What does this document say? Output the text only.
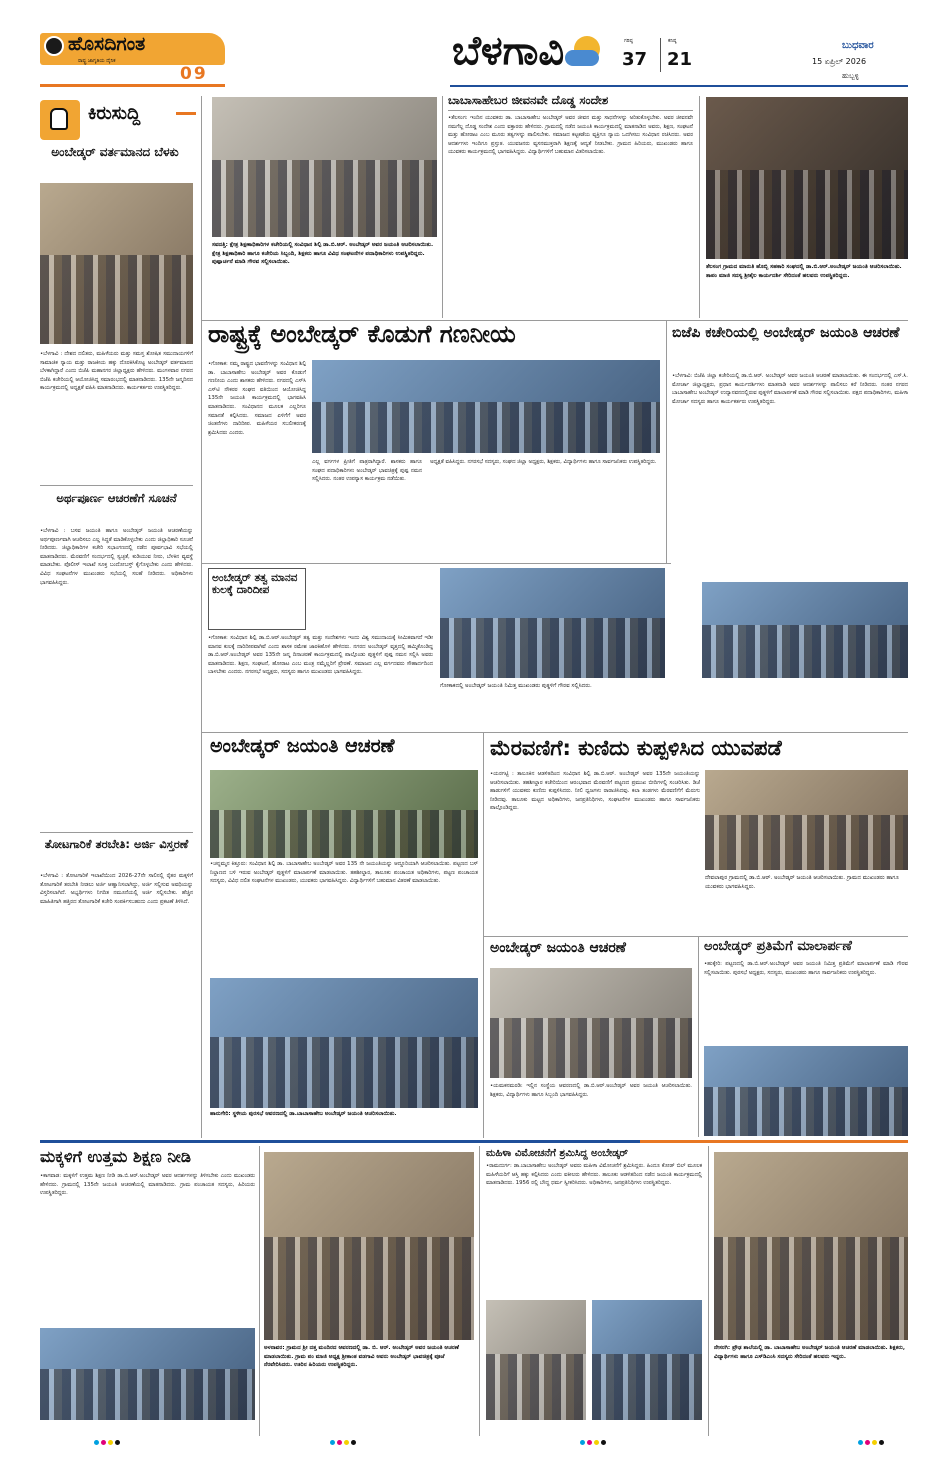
ಹೊಸದಿಗಂತ
ರಾಷ್ಟ್ರ ಜಾಗೃತಿಯ ದೈನಿಕ
09	ಬೆಳಗಾವಿ	ಗರಿಷ್ಠ
37
ಕನಿಷ್ಠ
21
ಬುಧವಾರ
15 ಏಪ್ರಿಲ್ 2026
ಹುಬ್ಬಳ್ಳಿ
ಕಿರುಸುದ್ದಿ
ಅಂಬೇಡ್ಕರ್ ವರ್ತಮಾನದ ಬೆಳಕು
•ಬೆಳಗಾವಿ : ದೇಶದ ದಲಿತರು, ಮಹಿಳೆಯರು ಮತ್ತು ಸಮಸ್ತ ಶೋಷಿತ ಸಮುದಾಯಗಳಿಗೆ ಸಾಮಾಜಿಕ ನ್ಯಾಯ ಮತ್ತು ರಾಜಕೀಯ ಹಕ್ಕು ದೊರಕಿಸಿಕೊಟ್ಟ ಅಂಬೇಡ್ಕರ್ ವರ್ತಮಾನದ ಬೆಳಕಾಗಿದ್ದಾರೆ ಎಂದು ಬಿಜೆಪಿ ಮಹಾನಗರ ಜಿಲ್ಲಾಧ್ಯಕ್ಷರು ಹೇಳಿದರು. ಮಂಗಳವಾರ ನಗರದ ಬಿಜೆಪಿ ಕಚೇರಿಯಲ್ಲಿ ಆಯೋಜಿಸಿದ್ದ ಸಮಾರಂಭದಲ್ಲಿ ಮಾತನಾಡಿದರು. 135ನೇ ಜನ್ಮದಿನದ ಕಾರ್ಯಕ್ರಮದಲ್ಲಿ ಅಧ್ಯಕ್ಷತೆ ವಹಿಸಿ ಮಾತನಾಡಿದರು. ಕಾರ್ಯಕರ್ತರು ಉಪಸ್ಥಿತರಿದ್ದರು.
ಅರ್ಥಪೂರ್ಣ ಆಚರಣೆಗೆ ಸೂಚನೆ
•ಬೆಳಗಾವಿ : ಬಸವ ಜಯಂತಿ ಹಾಗೂ ಅಂಬೇಡ್ಕರ್ ಜಯಂತಿ ಆಚರಣೆಯನ್ನು ಅರ್ಥಪೂರ್ಣವಾಗಿ ಆಚರಿಸಲು ಎಲ್ಲ ಸಿದ್ಧತೆ ಮಾಡಿಕೊಳ್ಳಬೇಕು ಎಂದು ಜಿಲ್ಲಾಧಿಕಾರಿ ಸೂಚನೆ ನೀಡಿದರು. ಜಿಲ್ಲಾಧಿಕಾರಿಗಳ ಕಚೇರಿ ಸಭಾಂಗಣದಲ್ಲಿ ನಡೆದ ಪೂರ್ವಭಾವಿ ಸಭೆಯಲ್ಲಿ ಮಾತನಾಡಿದರು. ಮೆರವಣಿಗೆ ಸಂದರ್ಭದಲ್ಲಿ ಸ್ವಚ್ಛತೆ, ಕುಡಿಯುವ ನೀರು, ಬೆಳಕಿನ ವ್ಯವಸ್ಥೆ ಮಾಡಬೇಕು. ಪೊಲೀಸ್ ಇಲಾಖೆ ಸೂಕ್ತ ಬಂದೋಬಸ್ತ್ ಕೈಗೊಳ್ಳಬೇಕು ಎಂದು ಹೇಳಿದರು. ವಿವಿಧ ಸಂಘಟನೆಗಳ ಮುಖಂಡರು ಸಭೆಯಲ್ಲಿ ಸಲಹೆ ನೀಡಿದರು. ಅಧಿಕಾರಿಗಳು ಭಾಗವಹಿಸಿದ್ದರು.
ತೋಟಗಾರಿಕೆ ತರಬೇತಿ: ಅರ್ಜಿ ವಿಸ್ತರಣೆ
•ಬೆಳಗಾವಿ : ತೋಟಗಾರಿಕೆ ಇಲಾಖೆಯಿಂದ 2026-27ನೇ ಸಾಲಿನಲ್ಲಿ ರೈತರ ಮಕ್ಕಳಿಗೆ ತೋಟಗಾರಿಕೆ ತರಬೇತಿ ನೀಡಲು ಅರ್ಜಿ ಆಹ್ವಾನಿಸಲಾಗಿದ್ದು, ಅರ್ಜಿ ಸಲ್ಲಿಸುವ ಅವಧಿಯನ್ನು ವಿಸ್ತರಿಸಲಾಗಿದೆ. ಅಭ್ಯರ್ಥಿಗಳು ನಿಗದಿತ ನಮೂನೆಯಲ್ಲಿ ಅರ್ಜಿ ಸಲ್ಲಿಸಬೇಕು. ಹೆಚ್ಚಿನ ಮಾಹಿತಿಗಾಗಿ ಹತ್ತಿರದ ತೋಟಗಾರಿಕೆ ಕಚೇರಿ ಸಂಪರ್ಕಿಸಬಹುದು ಎಂದು ಪ್ರಕಟಣೆ ತಿಳಿಸಿದೆ.
ಸವದತ್ತಿ: ಕ್ಷೇತ್ರ ಶಿಕ್ಷಣಾಧಿಕಾರಿಗಳ ಕಚೇರಿಯಲ್ಲಿ ಸಂವಿಧಾನ ಶಿಲ್ಪಿ ಡಾ.ಬಿ.ಆರ್. ಅಂಬೇಡ್ಕರ್ ಅವರ ಜಯಂತಿ ಆಚರಿಸಲಾಯಿತು. ಕ್ಷೇತ್ರ ಶಿಕ್ಷಣಾಧಿಕಾರಿ ಹಾಗೂ ಕಚೇರಿಯ ಸಿಬ್ಬಂದಿ, ಶಿಕ್ಷಕರು ಹಾಗೂ ವಿವಿಧ ಸಂಘಟನೆಗಳ ಪದಾಧಿಕಾರಿಗಳು ಉಪಸ್ಥಿತರಿದ್ದರು. ಪುಷ್ಪಾರ್ಚನೆ ಮಾಡಿ ಗೌರವ ಸಲ್ಲಿಸಲಾಯಿತು.
ಬಾಬಾಸಾಹೇಬರ ಜೀವನವೇ ದೊಡ್ಡ ಸಂದೇಶ
•ತೆಲಸಂಗ: ಇಂದಿನ ಯುವಕರು ಡಾ. ಬಾಬಾಸಾಹೇಬ ಅಂಬೇಡ್ಕರ್ ಅವರ ಜೀವನ ಮತ್ತು ಸಾಧನೆಗಳನ್ನು ಅರಿತುಕೊಳ್ಳಬೇಕು. ಅವರ ಜೀವನವೇ ನಮಗೆಲ್ಲ ದೊಡ್ಡ ಸಂದೇಶ ಎಂದು ವಕ್ತಾರರು ಹೇಳಿದರು. ಗ್ರಾಮದಲ್ಲಿ ನಡೆದ ಜಯಂತಿ ಕಾರ್ಯಕ್ರಮದಲ್ಲಿ ಮಾತನಾಡಿದ ಅವರು, ಶಿಕ್ಷಣ, ಸಂಘಟನೆ ಮತ್ತು ಹೋರಾಟ ಎಂಬ ಮೂರು ತತ್ವಗಳನ್ನು ಪಾಲಿಸಬೇಕು. ಸಮಾಜದ ಕಟ್ಟಕಡೆಯ ವ್ಯಕ್ತಿಗೂ ನ್ಯಾಯ ಒದಗಿಸಲು ಸಂವಿಧಾನ ರಚಿಸಿದರು. ಅವರ ಆದರ್ಶಗಳು ಇಂದಿಗೂ ಪ್ರಸ್ತುತ. ಯುವಜನರು ವ್ಯಸನಮುಕ್ತರಾಗಿ ಶಿಕ್ಷಣಕ್ಕೆ ಆದ್ಯತೆ ನೀಡಬೇಕು. ಗ್ರಾಮದ ಹಿರಿಯರು, ಮುಖಂಡರು ಹಾಗೂ ಯುವಕರು ಕಾರ್ಯಕ್ರಮದಲ್ಲಿ ಭಾಗವಹಿಸಿದ್ದರು. ವಿದ್ಯಾರ್ಥಿಗಳಿಗೆ ಬಹುಮಾನ ವಿತರಿಸಲಾಯಿತು.
ತೆಲಸಂಗ ಗ್ರಾಮದ ಮಾರುತಿ ಹೊಬ್ಬಿ ಸಹಕಾರಿ ಸಂಘದಲ್ಲಿ ಡಾ.ಬಿ.ಆರ್.ಅಂಬೇಡ್ಕರ್ ಜಯಂತಿ ಆಚರಿಸಲಾಯಿತು. ತಾಪಂ ಮಾಜಿ ಸದಸ್ಯ ಶ್ರೀಶೈಲ ಕಾರ್ಯದರ್ಶಿ ಸೇರಿದಂತೆ ಹಲವರು ಉಪಸ್ಥಿತರಿದ್ದರು.
ರಾಷ್ಟ್ರಕ್ಕೆ ಅಂಬೇಡ್ಕರ್ ಕೊಡುಗೆ ಗಣನೀಯ
•ಗೋಕಾಕ: ನಮ್ಮ ರಾಷ್ಟ್ರದ ಭಾವನೆಗಳನ್ನು ಸಂವಿಧಾನ ಶಿಲ್ಪಿ ಡಾ. ಬಾಬಾಸಾಹೇಬ ಅಂಬೇಡ್ಕರ್ ಅವರ ಕೊಡುಗೆ ಗಣನೀಯ ಎಂದು ಶಾಸಕರು ಹೇಳಿದರು. ನಗರದಲ್ಲಿ ಎಸ್‌ಸಿ ಎಸ್‌ಟಿ ನೌಕರರ ಸಂಘದ ವತಿಯಿಂದ ಆಯೋಜಿಸಿದ್ದ 135ನೇ ಜಯಂತಿ ಕಾರ್ಯಕ್ರಮದಲ್ಲಿ ಭಾಗವಹಿಸಿ ಮಾತನಾಡಿದರು. ಸಂವಿಧಾನದ ಮೂಲಕ ಎಲ್ಲರಿಗೂ ಸಮಾನತೆ ಕಲ್ಪಿಸಿದರು. ಸಮಾಜದ ಏಳಿಗೆಗೆ ಅವರ ಚಿಂತನೆಗಳು ದಾರಿದೀಪ. ಮಹಿಳೆಯರ ಸಬಲೀಕರಣಕ್ಕೆ ಶ್ರಮಿಸಿದರು ಎಂದರು.
ಎಲ್ಲ ವರ್ಗಗಳ ಪ್ರೀತಿಗೆ ಪಾತ್ರರಾಗಿದ್ದಾರೆ. ಶಾಸಕರು ಹಾಗೂ ಸಂಘದ ಪದಾಧಿಕಾರಿಗಳು ಅಂಬೇಡ್ಕರ್ ಭಾವಚಿತ್ರಕ್ಕೆ ಪುಷ್ಪ ನಮನ ಸಲ್ಲಿಸಿದರು. ನಂತರ ಉಪನ್ಯಾಸ ಕಾರ್ಯಕ್ರಮ ನಡೆಯಿತು.
ಅಧ್ಯಕ್ಷತೆ ವಹಿಸಿದ್ದರು. ನಗರಸಭೆ ಸದಸ್ಯರು, ಸಂಘದ ಜಿಲ್ಲಾ ಅಧ್ಯಕ್ಷರು, ಶಿಕ್ಷಕರು, ವಿದ್ಯಾರ್ಥಿಗಳು ಹಾಗೂ ಸಾರ್ವಜನಿಕರು ಉಪಸ್ಥಿತರಿದ್ದರು.
ಬಿಜೆಪಿ ಕಚೇರಿಯಲ್ಲಿ ಅಂಬೇಡ್ಕರ್ ಜಯಂತಿ ಆಚರಣೆ
•ಬೆಳಗಾವಿ: ಬಿಜೆಪಿ ಜಿಲ್ಲಾ ಕಚೇರಿಯಲ್ಲಿ ಡಾ.ಬಿ.ಆರ್. ಅಂಬೇಡ್ಕರ್ ಅವರ ಜಯಂತಿ ಆಚರಣೆ ಮಾಡಲಾಯಿತು. ಈ ಸಂದರ್ಭದಲ್ಲಿ ಎಸ್.ಸಿ. ಮೋರ್ಚಾ ಜಿಲ್ಲಾಧ್ಯಕ್ಷರು, ಪ್ರಧಾನ ಕಾರ್ಯದರ್ಶಿಗಳು ಮಾತನಾಡಿ ಅವರ ಆದರ್ಶಗಳನ್ನು ಪಾಲಿಸಲು ಕರೆ ನೀಡಿದರು. ನಂತರ ನಗರದ ಬಾಬಾಸಾಹೇಬ ಅಂಬೇಡ್ಕರ್ ಉದ್ಯಾನವನದಲ್ಲಿರುವ ಪುತ್ಥಳಿಗೆ ಮಾಲಾರ್ಪಣೆ ಮಾಡಿ ಗೌರವ ಸಲ್ಲಿಸಲಾಯಿತು. ಪಕ್ಷದ ಪದಾಧಿಕಾರಿಗಳು, ಮಹಿಳಾ ಮೋರ್ಚಾ ಸದಸ್ಯರು ಹಾಗೂ ಕಾರ್ಯಕರ್ತರು ಉಪಸ್ಥಿತರಿದ್ದರು.
ಅಂಬೇಡ್ಕರ್ ತತ್ವ ಮಾನವ ಕುಲಕ್ಕೆ ದಾರಿದೀಪ
•ಗೋಕಾಕ: ಸಂವಿಧಾನ ಶಿಲ್ಪಿ ಡಾ.ಬಿ.ಆರ್.ಅಂಬೇಡ್ಕರ್ ತತ್ವ ಮತ್ತು ಸಂದೇಶಗಳು ಇಂದು ವಿಶ್ವ ಸಮುದಾಯಕ್ಕೆ ಸೀಮಿತವಾಗದೆ ಇಡೀ ಮಾನವ ಕುಲಕ್ಕೆ ದಾರಿದೀಪವಾಗಿವೆ ಎಂದು ಶಾಸಕ ರಮೇಶ ಜಾರಕಿಹೊಳಿ ಹೇಳಿದರು. ನಗರದ ಅಂಬೇಡ್ಕರ್ ವೃತ್ತದಲ್ಲಿ ಹಮ್ಮಿಕೊಂಡಿದ್ದ ಡಾ.ಬಿ.ಆರ್.ಅಂಬೇಡ್ಕರ್ ಅವರ 135ನೇ ಜನ್ಮ ದಿನಾಚರಣೆ ಕಾರ್ಯಕ್ರಮದಲ್ಲಿ ಪಾಲ್ಗೊಂಡು ಪುತ್ಥಳಿಗೆ ಪುಷ್ಪ ನಮನ ಸಲ್ಲಿಸಿ ಅವರು ಮಾತನಾಡಿದರು. ಶಿಕ್ಷಣ, ಸಂಘಟನೆ, ಹೋರಾಟ ಎಂಬ ಮಂತ್ರ ನಮ್ಮೆಲ್ಲರಿಗೆ ಪ್ರೇರಣೆ. ಸಮಾಜದ ಎಲ್ಲ ವರ್ಗದವರು ಸೌಹಾರ್ದದಿಂದ ಬಾಳಬೇಕು ಎಂದರು. ನಗರಸಭೆ ಅಧ್ಯಕ್ಷರು, ಸದಸ್ಯರು ಹಾಗೂ ಮುಖಂಡರು ಭಾಗವಹಿಸಿದ್ದರು.
ಗೋಕಾಕದಲ್ಲಿ ಅಂಬೇಡ್ಕರ್ ಜಯಂತಿ ನಿಮಿತ್ತ ಮುಖಂಡರು ಪುತ್ಥಳಿಗೆ ಗೌರವ ಸಲ್ಲಿಸಿದರು.
ಅಂಬೇಡ್ಕರ್ ಜಯಂತಿ ಆಚರಣೆ
•ಚನ್ನಮ್ಮನ ಕಿತ್ತೂರು: ಸಂವಿಧಾನ ಶಿಲ್ಪಿ ಡಾ. ಬಾಬಾಸಾಹೇಬ ಅಂಬೇಡ್ಕರ್ ಅವರ 135 ನೇ ಜಯಂತಿಯನ್ನು ಆದ್ದೂರಿಯಾಗಿ ಆಚರಿಸಲಾಯಿತು. ಪಟ್ಟಣದ ಬಸ್ ನಿಲ್ದಾಣದ ಬಳಿ ಇರುವ ಅಂಬೇಡ್ಕರ್ ಪುತ್ಥಳಿಗೆ ಮಾಲಾರ್ಪಣೆ ಮಾಡಲಾಯಿತು. ತಹಶೀಲ್ದಾರ, ತಾಲೂಕು ಪಂಚಾಯತ ಅಧಿಕಾರಿಗಳು, ಪಟ್ಟಣ ಪಂಚಾಯತ ಸದಸ್ಯರು, ವಿವಿಧ ದಲಿತ ಸಂಘಟನೆಗಳ ಮುಖಂಡರು, ಯುವಕರು ಭಾಗವಹಿಸಿದ್ದರು. ವಿದ್ಯಾರ್ಥಿಗಳಿಗೆ ಬಹುಮಾನ ವಿತರಣೆ ಮಾಡಲಾಯಿತು.
ಹಾರುಗೇರಿ: ಸ್ಥಳೀಯ ಪುರಸಭೆ ಆವರಣದಲ್ಲಿ ಡಾ.ಬಾಬಾಸಾಹೇಬ ಅಂಬೇಡ್ಕರ್ ಜಯಂತಿ ಆಚರಿಸಲಾಯಿತು.
ಮೆರವಣಿಗೆ: ಕುಣಿದು ಕುಪ್ಪಳಿಸಿದ ಯುವಪಡೆ
•ಯರಗಟ್ಟಿ : ತಾಲೂಕಿನ ಆಡಳಿತದಿಂದ ಸಂವಿಧಾನ ಶಿಲ್ಪಿ ಡಾ.ಬಿ.ಆರ್. ಅಂಬೇಡ್ಕರ್ ಅವರ 135ನೇ ಜಯಂತಿಯನ್ನು ಆಚರಿಸಲಾಯಿತು. ತಹಶೀಲ್ದಾರ ಕಚೇರಿಯಿಂದ ಆರಂಭವಾದ ಮೆರವಣಿಗೆ ಪಟ್ಟಣದ ಪ್ರಮುಖ ಬೀದಿಗಳಲ್ಲಿ ಸಂಚರಿಸಿತು. ಡಿಜೆ ಹಾಡುಗಳಿಗೆ ಯುವಕರು ಕುಣಿದು ಕುಪ್ಪಳಿಸಿದರು. ನೀಲಿ ಧ್ವಜಗಳು ರಾರಾಜಿಸಿದವು. ಕಲಾ ತಂಡಗಳು ಮೆರವಣಿಗೆಗೆ ಮೆರುಗು ನೀಡಿದವು. ತಾಲೂಕು ಮಟ್ಟದ ಅಧಿಕಾರಿಗಳು, ಜನಪ್ರತಿನಿಧಿಗಳು, ಸಂಘಟನೆಗಳ ಮುಖಂಡರು ಹಾಗೂ ಸಾರ್ವಜನಿಕರು ಪಾಲ್ಗೊಂಡಿದ್ದರು.
ದೇವಲಾಪುರ ಗ್ರಾಮದಲ್ಲಿ ಡಾ.ಬಿ.ಆರ್. ಅಂಬೇಡ್ಕರ್ ಜಯಂತಿ ಆಚರಿಸಲಾಯಿತು. ಗ್ರಾಮದ ಮುಖಂಡರು ಹಾಗೂ ಯುವಕರು ಭಾಗವಹಿಸಿದ್ದರು.
ಅಂಬೇಡ್ಕರ್ ಜಯಂತಿ ಆಚರಣೆ
•ಯಮಕನಮರಡಿ: ಇಲ್ಲಿನ ಸಂಸ್ಥೆಯ ಆವರಣದಲ್ಲಿ ಡಾ.ಬಿ.ಆರ್.ಅಂಬೇಡ್ಕರ್ ಅವರ ಜಯಂತಿ ಆಚರಿಸಲಾಯಿತು. ಶಿಕ್ಷಕರು, ವಿದ್ಯಾರ್ಥಿಗಳು ಹಾಗೂ ಸಿಬ್ಬಂದಿ ಭಾಗವಹಿಸಿದ್ದರು.
ಅಂಬೇಡ್ಕರ್ ಪ್ರತಿಮೆಗೆ ಮಾಲಾರ್ಪಣೆ
•ಹುಕ್ಕೇರಿ: ಪಟ್ಟಣದಲ್ಲಿ ಡಾ.ಬಿ.ಆರ್.ಅಂಬೇಡ್ಕರ್ ಅವರ ಜಯಂತಿ ನಿಮಿತ್ತ ಪ್ರತಿಮೆಗೆ ಮಾಲಾರ್ಪಣೆ ಮಾಡಿ ಗೌರವ ಸಲ್ಲಿಸಲಾಯಿತು. ಪುರಸಭೆ ಅಧ್ಯಕ್ಷರು, ಸದಸ್ಯರು, ಮುಖಂಡರು ಹಾಗೂ ಸಾರ್ವಜನಿಕರು ಉಪಸ್ಥಿತರಿದ್ದರು.
ಮಕ್ಕಳಿಗೆ ಉತ್ತಮ ಶಿಕ್ಷಣ ನೀಡಿ
•ಕಾಗವಾಡ: ಮಕ್ಕಳಿಗೆ ಉತ್ತಮ ಶಿಕ್ಷಣ ನೀಡಿ ಡಾ.ಬಿ.ಆರ್.ಅಂಬೇಡ್ಕರ್ ಅವರ ಆದರ್ಶಗಳನ್ನು ತಿಳಿಸಬೇಕು ಎಂದು ಮುಖಂಡರು ಹೇಳಿದರು. ಗ್ರಾಮದಲ್ಲಿ 135ನೇ ಜಯಂತಿ ಆಚರಣೆಯಲ್ಲಿ ಮಾತನಾಡಿದರು. ಗ್ರಾಮ ಪಂಚಾಯತ ಸದಸ್ಯರು, ಹಿರಿಯರು ಉಪಸ್ಥಿತರಿದ್ದರು.
ಅಳನಾವರ: ಗ್ರಾಮದ ಶ್ರೀ ದತ್ತ ಮಂದಿರದ ಆವರಣದಲ್ಲಿ ಡಾ. ಬಿ. ಆರ್. ಅಂಬೇಡ್ಕರ್ ಅವರ ಜಯಂತಿ ಆಚರಣೆ ಮಾಡಲಾಯಿತು. ಗ್ರಾಮ ಪಂ ಮಾಜಿ ಅಧ್ಯಕ್ಷ ಶ್ರೀಕಾಂತ ವಡಗಾವಿ ಅವರು ಅಂಬೇಡ್ಕರ್ ಭಾವಚಿತ್ರಕ್ಕೆ ಪೂಜೆ ನೆರವೇರಿಸಿದರು. ಊರಿನ ಹಿರಿಯರು ಉಪಸ್ಥಿತರಿದ್ದರು.
ಮಹಿಳಾ ವಿಮೋಚನೆಗೆ ಶ್ರಮಿಸಿದ್ದ ಅಂಬೇಡ್ಕರ್
•ರಾಮದುರ್ಗ: ಡಾ.ಬಾಬಾಸಾಹೇಬ ಅಂಬೇಡ್ಕರ್ ಅವರು ಮಹಿಳಾ ವಿಮೋಚನೆಗೆ ಶ್ರಮಿಸಿದ್ದರು. ಹಿಂದೂ ಕೋಡ್ ಬಿಲ್ ಮೂಲಕ ಮಹಿಳೆಯರಿಗೆ ಆಸ್ತಿ ಹಕ್ಕು ಕಲ್ಪಿಸಿದರು ಎಂದು ವಕೀಲರು ಹೇಳಿದರು. ತಾಲೂಕು ಆಡಳಿತದಿಂದ ನಡೆದ ಜಯಂತಿ ಕಾರ್ಯಕ್ರಮದಲ್ಲಿ ಮಾತನಾಡಿದರು. 1956 ರಲ್ಲಿ ಬೌದ್ಧ ಧರ್ಮ ಸ್ವೀಕರಿಸಿದರು. ಅಧಿಕಾರಿಗಳು, ಜನಪ್ರತಿನಿಧಿಗಳು ಉಪಸ್ಥಿತರಿದ್ದರು.
ನೇಸರಗಿ: ಪ್ರೌಢ ಶಾಲೆಯಲ್ಲಿ ಡಾ. ಬಾಬಾಸಾಹೇಬ ಅಂಬೇಡ್ಕರ್ ಜಯಂತಿ ಆಚರಣೆ ಮಾಡಲಾಯಿತು. ಶಿಕ್ಷಕರು, ವಿದ್ಯಾರ್ಥಿಗಳು ಹಾಗೂ ಎಸ್‌ಡಿಎಂಸಿ ಸದಸ್ಯರು ಸೇರಿದಂತೆ ಹಲವರು ಇದ್ದರು.
